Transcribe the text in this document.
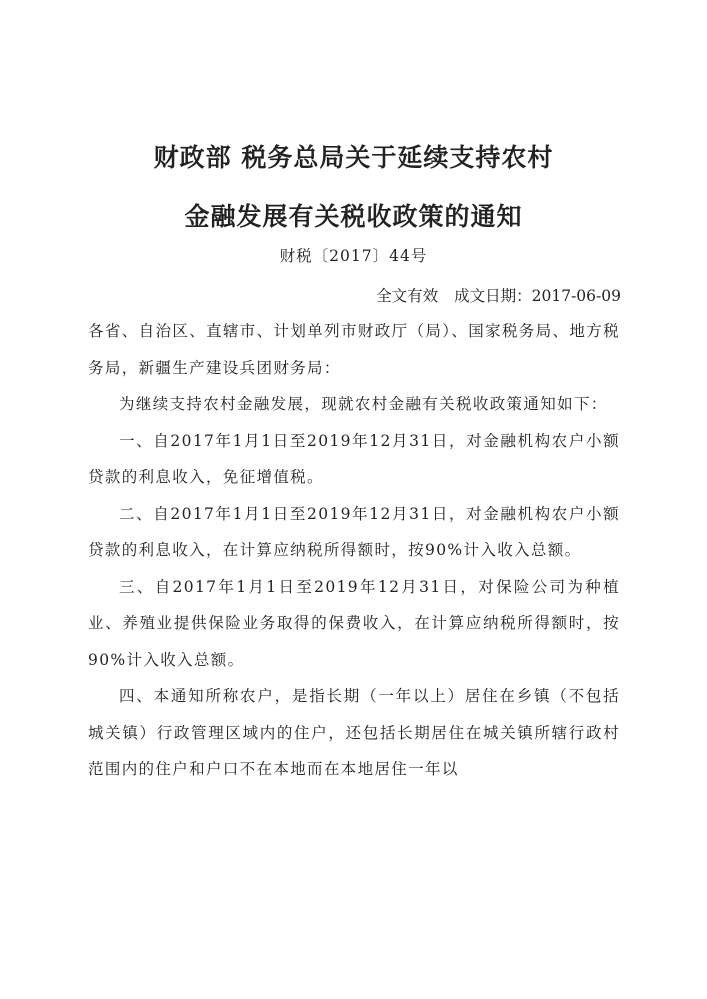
财政部 税务总局关于延续支持农村
金融发展有关税收政策的通知
财税〔2017〕44号
全文有效 成文日期：2017-06-09

各省、自治区、直辖市、计划单列市财政厅（局）、国家税务局、地方税务局，新疆生产建设兵团财务局：

为继续支持农村金融发展，现就农村金融有关税收政策通知如下：

一、自2017年1月1日至2019年12月31日，对金融机构农户小额贷款的利息收入，免征增值税。

二、自2017年1月1日至2019年12月31日，对金融机构农户小额贷款的利息收入，在计算应纳税所得额时，按90%计入收入总额。

三、自2017年1月1日至2019年12月31日，对保险公司为种植业、养殖业提供保险业务取得的保费收入，在计算应纳税所得额时，按90%计入收入总额。

四、本通知所称农户，是指长期（一年以上）居住在乡镇（不包括城关镇）行政管理区域内的住户，还包括长期居住在城关镇所辖行政村范围内的住户和户口不在本地而在本地居住一年以
